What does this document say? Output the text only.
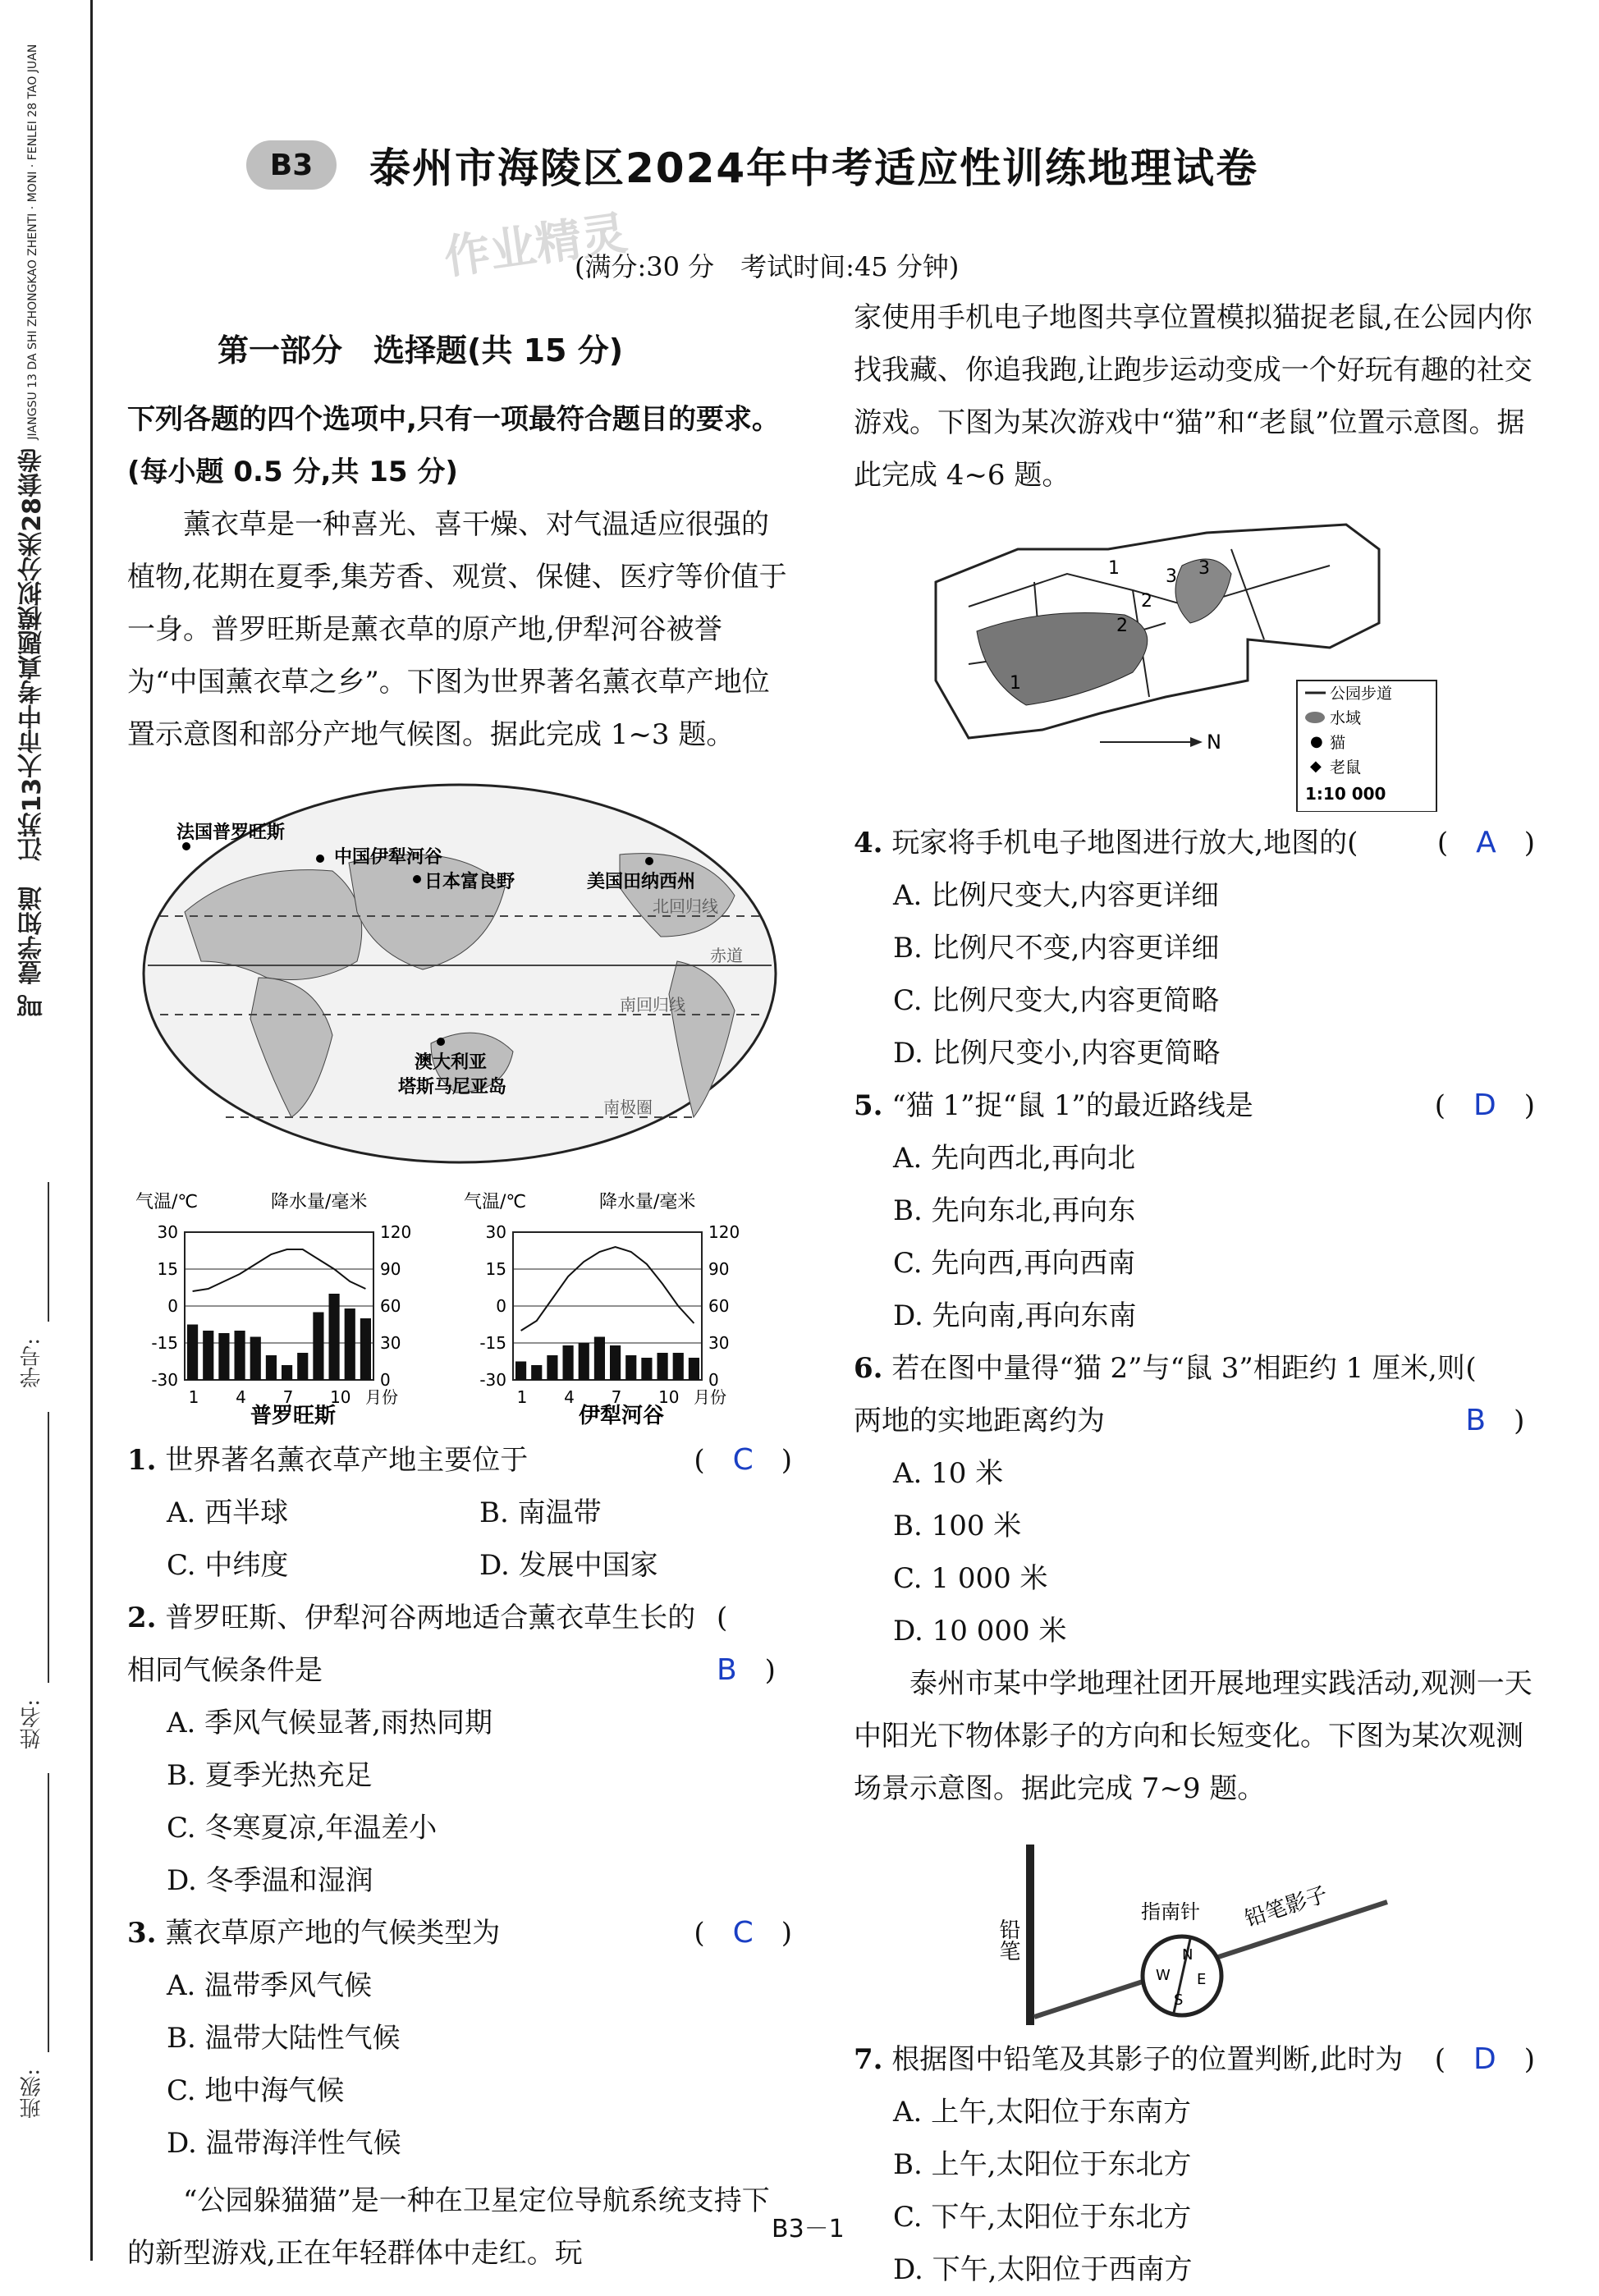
㎎ 壹学知道　江苏13大市中考真题模拟分类28套卷 JIANGSU 13 DA SHI ZHONGKAO ZHENTI · MONI · FENLEI 28 TAO JUAN
班级:
姓名:
学号:
B3	泰州市海陵区2024年中考适应性训练地理试卷
作业精灵
(满分:30 分　考试时间:45 分钟)
第一部分　选择题(共 15 分)

下列各题的四个选项中,只有一项最符合题目的要求。(每小题 0.5 分,共 15 分)

薰衣草是一种喜光、喜干燥、对气温适应很强的植物,花期在夏季,集芳香、观赏、保健、医疗等价值于一身。普罗旺斯是薰衣草的原产地,伊犁河谷被誉为“中国薰衣草之乡”。下图为世界著名薰衣草产地位置示意图和部分产地气候图。据此完成 1~3 题。

法国普罗旺斯
中国伊犁河谷
日本富良野	美国田纳西州
北回归线
赤道
南回归线
澳大利亚
塔斯马尼亚岛
南极圈
气温/℃	降水量/毫米
30	120
15	90
0	60
-15	30
-30	0
1 4 7 10 月份
普罗旺斯
气温/℃	降水量/毫米
30	120
15	90
0	60
-15	30
-30	0
1 4 7 10 月份
伊犁河谷
1. 世界著名薰衣草产地主要位于	(　C　)
A. 西半球	B. 南温带
C. 中纬度	D. 发展中国家
2. 普罗旺斯、伊犁河谷两地适合薰衣草生长的相同气候条件是
(　B　)
A. 季风气候显著,雨热同期
B. 夏季光热充足
C. 冬寒夏凉,年温差小
D. 冬季温和湿润
3. 薰衣草原产地的气候类型为	(　C　)
A. 温带季风气候
B. 温带大陆性气候
C. 地中海气候
D. 温带海洋性气候

“公园躲猫猫”是一种在卫星定位导航系统支持下的新型游戏,正在年轻群体中走红。玩

家使用手机电子地图共享位置模拟猫捉老鼠,在公园内你找我藏、你追我跑,让跑步运动变成一个好玩有趣的社交游戏。下图为某次游戏中“猫”和“老鼠”位置示意图。据此完成 4~6 题。

1
2
3
1
2
3
N
公园步道
水域
● 猫
◆ 老鼠
1:10 000
4. 玩家将手机电子地图进行放大,地图的(	(　A　)
A. 比例尺变大,内容更详细
B. 比例尺不变,内容更详细
C. 比例尺变大,内容更简略
D. 比例尺变小,内容更简略
5. “猫 1”捉“鼠 1”的最近路线是	(　D　)
A. 先向西北,再向北
B. 先向东北,再向东
C. 先向西,再向西南
D. 先向南,再向东南
6. 若在图中量得“猫 2”与“鼠 3”相距约 1 厘米,则两地的实地距离约为
(　B　)
A. 10 米
B. 100 米
C. 1 000 米
D. 10 000 米

泰州市某中学地理社团开展地理实践活动,观测一天中阳光下物体影子的方向和长短变化。下图为某次观测场景示意图。据此完成 7~9 题。

铅笔	N
W E
S
指南针 铅笔影子
7. 根据图中铅笔及其影子的位置判断,此时为 (　D　)
A. 上午,太阳位于东南方
B. 上午,太阳位于东北方
C. 下午,太阳位于东北方
D. 下午,太阳位于西南方
B3－1
